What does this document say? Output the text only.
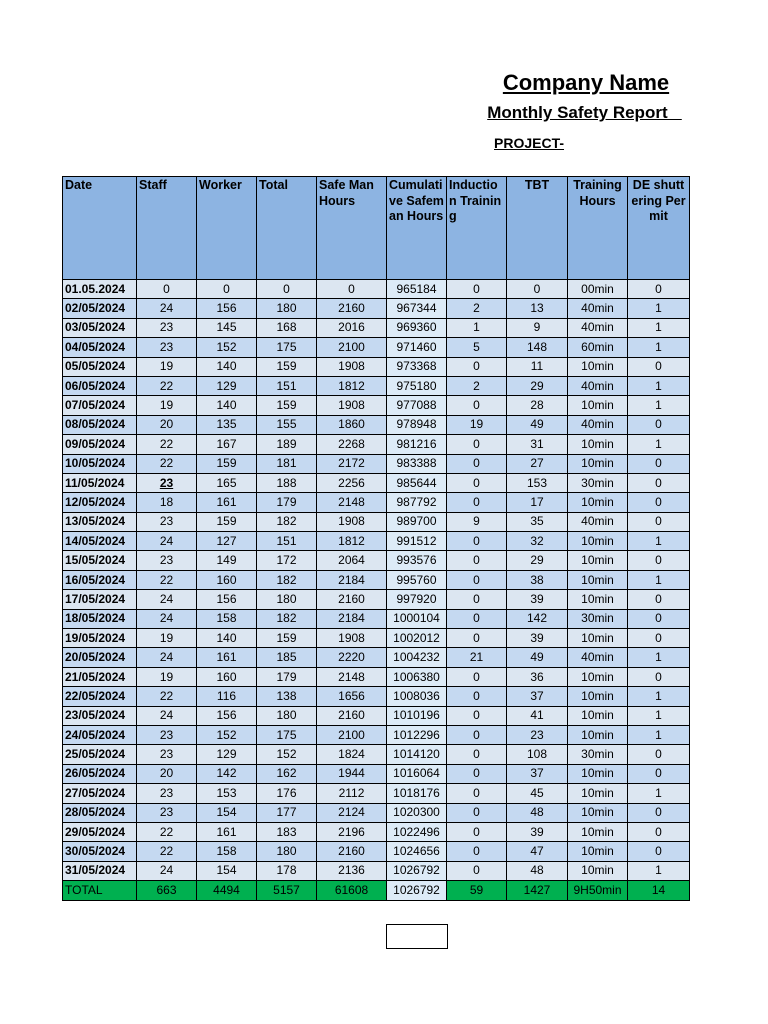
Company Name
Monthly Safety Report
PROJECT-
Date	Staff	Worker	Total	Safe Man Hours	Cumulative Safeman Hours	Induction Training	TBT	Training Hours	DE shuttering Permit
01.05.2024	0	0	0	0	965184	0	0	00min	0
02/05/2024	24	156	180	2160	967344	2	13	40min	1
03/05/2024	23	145	168	2016	969360	1	9	40min	1
04/05/2024	23	152	175	2100	971460	5	148	60min	1
05/05/2024	19	140	159	1908	973368	0	11	10min	0
06/05/2024	22	129	151	1812	975180	2	29	40min	1
07/05/2024	19	140	159	1908	977088	0	28	10min	1
08/05/2024	20	135	155	1860	978948	19	49	40min	0
09/05/2024	22	167	189	2268	981216	0	31	10min	1
10/05/2024	22	159	181	2172	983388	0	27	10min	0
11/05/2024	23	165	188	2256	985644	0	153	30min	0
12/05/2024	18	161	179	2148	987792	0	17	10min	0
13/05/2024	23	159	182	1908	989700	9	35	40min	0
14/05/2024	24	127	151	1812	991512	0	32	10min	1
15/05/2024	23	149	172	2064	993576	0	29	10min	0
16/05/2024	22	160	182	2184	995760	0	38	10min	1
17/05/2024	24	156	180	2160	997920	0	39	10min	0
18/05/2024	24	158	182	2184	1000104	0	142	30min	0
19/05/2024	19	140	159	1908	1002012	0	39	10min	0
20/05/2024	24	161	185	2220	1004232	21	49	40min	1
21/05/2024	19	160	179	2148	1006380	0	36	10min	0
22/05/2024	22	116	138	1656	1008036	0	37	10min	1
23/05/2024	24	156	180	2160	1010196	0	41	10min	1
24/05/2024	23	152	175	2100	1012296	0	23	10min	1
25/05/2024	23	129	152	1824	1014120	0	108	30min	0
26/05/2024	20	142	162	1944	1016064	0	37	10min	0
27/05/2024	23	153	176	2112	1018176	0	45	10min	1
28/05/2024	23	154	177	2124	1020300	0	48	10min	0
29/05/2024	22	161	183	2196	1022496	0	39	10min	0
30/05/2024	22	158	180	2160	1024656	0	47	10min	0
31/05/2024	24	154	178	2136	1026792	0	48	10min	1
TOTAL	663	4494	5157	61608	1026792	59	1427	9H50min	14
